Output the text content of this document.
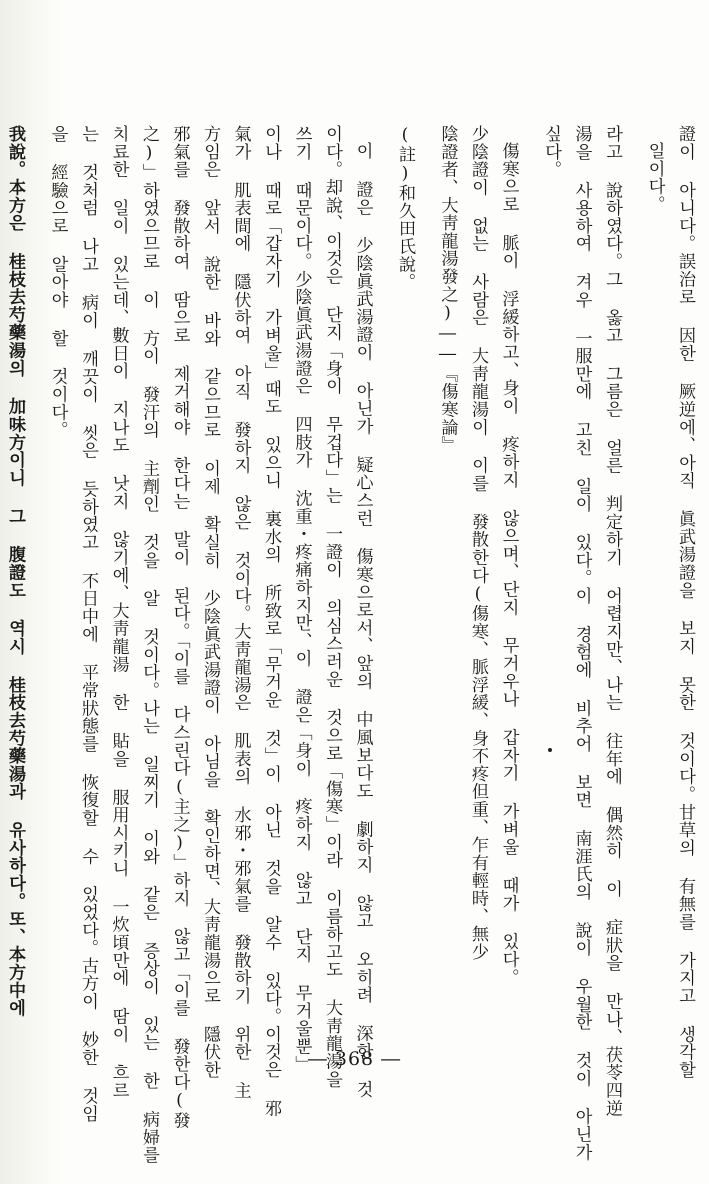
證이 아니다。誤治로 因한 厥逆에、아직 眞武湯證을 보지 못한 것이다。甘草의 有無를 가지고 생각할
일이다。
라고 說하였다。그 옳고 그름은 얼른 判定하기 어렵지만、나는 往年에 偶然히 이 症狀을 만나、茯苓四逆
湯을 사용하여 겨우 一服만에 고친 일이 있다。이 경험에 비추어 보면 南涯氏의 說이 우월한 것이 아닌가
싶다。
傷寒으로 脈이 浮緩하고、身이 疼하지 않으며、단지 무거우나 갑자기 가벼울 때가 있다。
少陰證이 없는 사람은 大靑龍湯이 이를 發散한다(傷寒、脈浮緩、身不疼但重、乍有輕時、無少
陰證者、大靑龍湯發之)――『傷寒論』
(註)和久田氏說。
이 證은 少陰眞武湯證이 아닌가 疑心스런 傷寒으로서、앞의 中風보다도 劇하지 않고 오히려 深한 것
이다。却說、이것은 단지「身이 무겁다」는 一證이 의심스러운 것으로「傷寒」이라 이름하고도 大靑龍湯을
쓰기 때문이다。少陰眞武湯證은 四肢가 沈重・疼痛하지만、이 證은「身이 疼하지 않고 단지 무거울뿐」
이나 때로「갑자기 가벼울」때도 있으니 裏水의 所致로「무거운 것」이 아닌 것을 알수 있다。이것은 邪
氣가 肌表間에 隱伏하여 아직 發하지 않은 것이다。大靑龍湯은 肌表의 水邪・邪氣를 發散하기 위한 主
方임은 앞서 說한 바와 같으므로 이제 확실히 少陰眞武湯證이 아님을 확인하면、大靑龍湯으로 隱伏한
邪氣를 發散하여 땀으로 제거해야 한다는 말이 된다。「이를 다스린다(主之)」하지 않고「이를 發한다(發
之)」하였으므로 이 方이 發汗의 主劑인 것을 알 것이다。나는 일찌기 이와 같은 증상이 있는 한 病婦를
치료한 일이 있는데、數日이 지나도 낫지 않기에、大靑龍湯 한 貼을 服用시키니 一炊頃만에 땀이 흐르
는 것처럼 나고 病이 깨끗이 씻은 듯하였고 不日中에 平常狀態를 恢復할 수 있었다。古方이 妙한 것임
을 經驗으로 알아야 할 것이다。
我說。本方은 桂枝去芍藥湯의 加味方이니 그 腹證도 역시 桂枝去芍藥湯과 유사하다。또、本方中에
― 368 ―
